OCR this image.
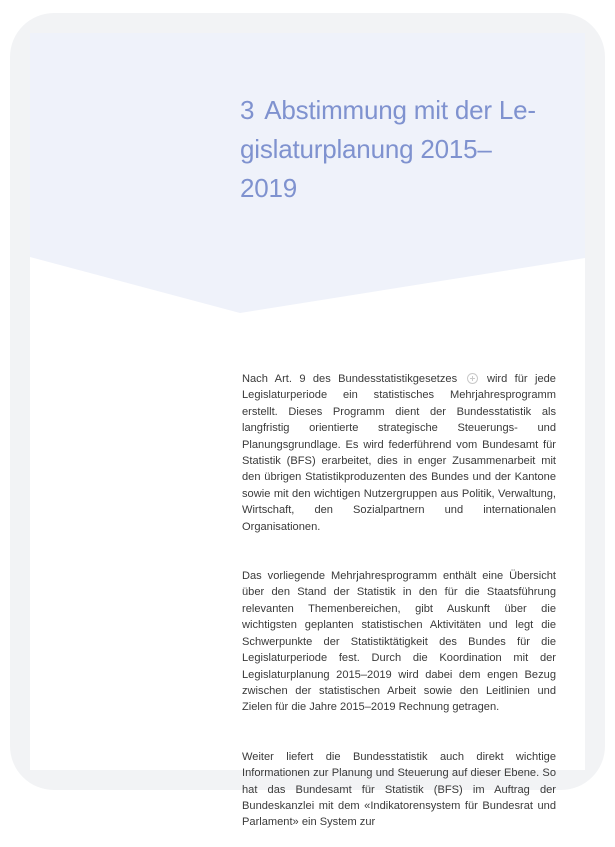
3 Abstimmung mit der Le-
gislaturplanung 2015–
2019

Nach Art. 9 des Bundesstatistikgesetzes	wird für jede Legislaturperiode ein statistisches Mehrjahresprogramm erstellt. Dieses Programm dient der Bundesstatistik als langfristig orientierte strategische Steuerungs- und Planungsgrundlage. Es wird federführend vom Bundesamt für Statistik (BFS) erarbeitet, dies in enger Zusammenarbeit mit den übrigen Statistikproduzenten des Bundes und der Kantone sowie mit den wichtigen Nutzergruppen aus Politik, Verwaltung, Wirtschaft, den Sozialpartnern und internationalen Organisationen.

Das vorliegende Mehrjahresprogramm enthält eine Übersicht über den Stand der Statistik in den für die Staatsführung relevanten Themenbereichen, gibt Auskunft über die wichtigsten geplanten statistischen Aktivitäten und legt die Schwerpunkte der Statistiktätigkeit des Bundes für die Legislaturperiode fest. Durch die Koordination mit der Legislaturplanung 2015–2019 wird dabei dem engen Bezug zwischen der statistischen Arbeit sowie den Leitlinien und Zielen für die Jahre 2015–2019 Rechnung getragen.

Weiter liefert die Bundesstatistik auch direkt wichtige Informationen zur Planung und Steuerung auf dieser Ebene. So hat das Bundesamt für Statistik (BFS) im Auftrag der Bundeskanzlei mit dem «Indikatorensystem für Bundesrat und Parlament» ein System zur
